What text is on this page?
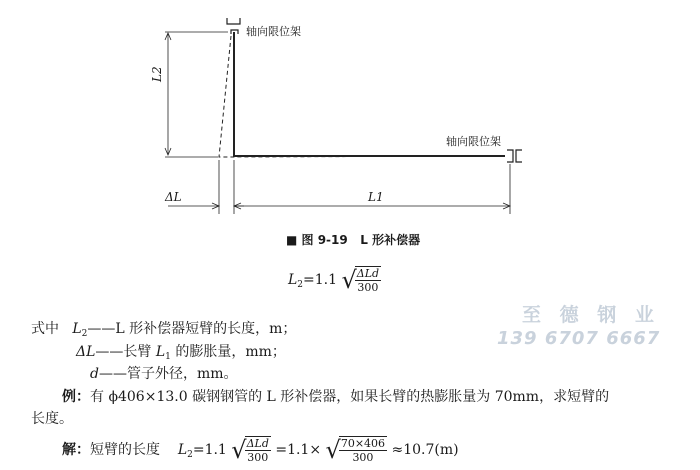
轴向限位架
轴向限位架
L2
L1
ΔL
■ 图 9-19 L 形补偿器
$L_2=1.1$ √
$\frac{\text{ΔLd}}{300}$
式中 $L_2——L$ 形补偿器短臂的长度，m；
ΔL——长臂 $L_1$ 的膨胀量，mm；
d——管子外径，mm。
例：有 ϕ406×13.0 碳钢钢管的 L 形补偿器，如果长臂的热膨胀量为 70mm，求短臂的
长度。
解：短臂的长度 $L_2=1.1$ √
$\frac{\text{ΔLd}}{300} =1.1\times$ √
$\frac{70\times 406}{300} \approx 10.7(m)$
至 德 钢 业
139 6707 6667
